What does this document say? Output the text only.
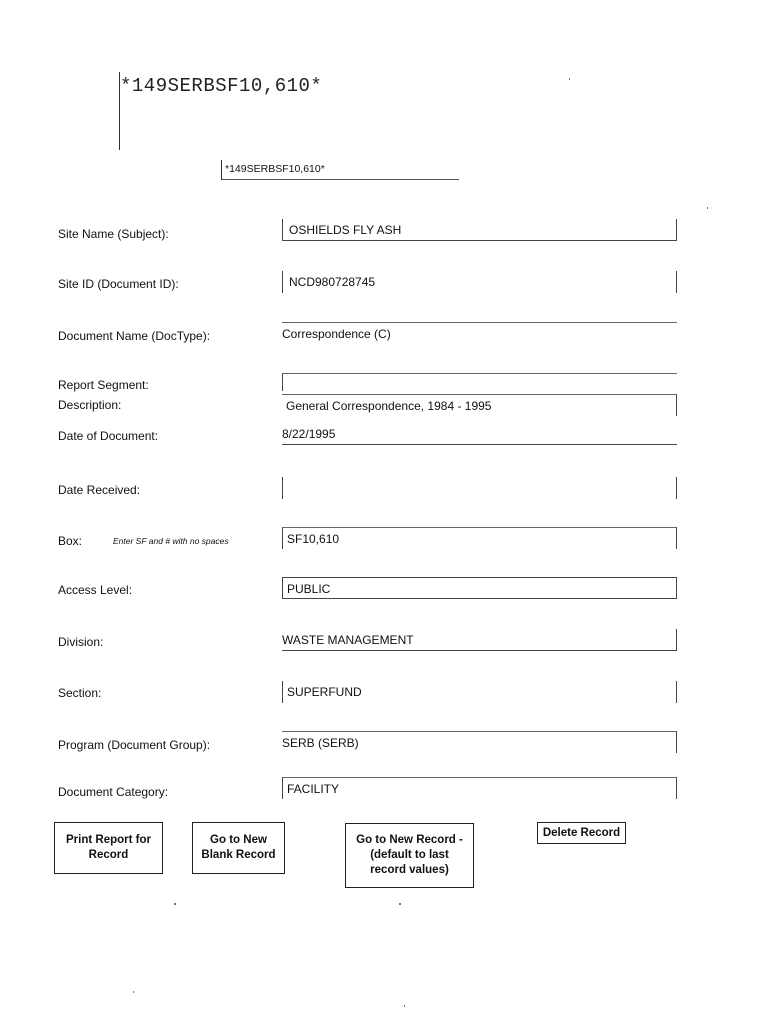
*149SERBSF10,610*
*149SERBSF10,610*
Site Name (Subject):	OSHIELDS FLY ASH
Site ID (Document ID):	NCD980728745
Document Name (DocType):	Correspondence (C)
Report Segment:
Description:	General Correspondence, 1984 - 1995
Date of Document:	8/22/1995
Date Received:
Box:	Enter SF and # with no spaces	SF10,610
Access Level:	PUBLIC
Division:	WASTE MANAGEMENT
Section:	SUPERFUND
Program (Document Group):	SERB (SERB)
Document Category:	FACILITY
Print Report for
Record
Go to New
Blank Record
Go to New Record -
(default to last
record values)
Delete Record
